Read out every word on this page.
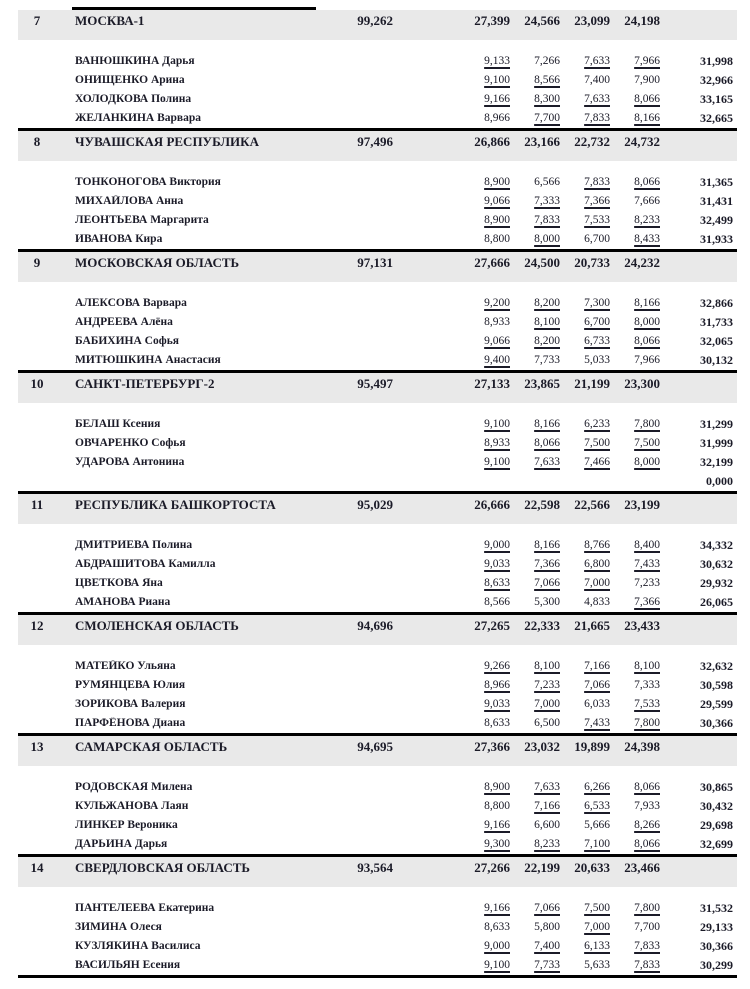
7	МОСКВА-1	99,262	27,399	24,566	23,099	24,198
ВАНЮШКИНА Дарья	9,133	7,266	7,633	7,966	31,998
ОНИЩЕНКО Арина	9,100	8,566	7,400	7,900	32,966
ХОЛОДКОВА Полина	9,166	8,300	7,633	8,066	33,165
ЖЕЛАНКИНА Варвара	8,966	7,700	7,833	8,166	32,665
8	ЧУВАШСКАЯ РЕСПУБЛИКА	97,496	26,866	23,166	22,732	24,732
ТОНКОНОГОВА Виктория	8,900	6,566	7,833	8,066	31,365
МИХАЙЛОВА Анна	9,066	7,333	7,366	7,666	31,431
ЛЕОНТЬЕВА Маргарита	8,900	7,833	7,533	8,233	32,499
ИВАНОВА Кира	8,800	8,000	6,700	8,433	31,933
9	МОСКОВСКАЯ ОБЛАСТЬ	97,131	27,666	24,500	20,733	24,232
АЛЕКСОВА Варвара	9,200	8,200	7,300	8,166	32,866
АНДРЕЕВА Алёна	8,933	8,100	6,700	8,000	31,733
БАБИХИНА Софья	9,066	8,200	6,733	8,066	32,065
МИТЮШКИНА Анастасия	9,400	7,733	5,033	7,966	30,132
10	САНКТ-ПЕТЕРБУРГ-2	95,497	27,133	23,865	21,199	23,300
БЕЛАШ Ксения	9,100	8,166	6,233	7,800	31,299
ОВЧАРЕНКО Софья	8,933	8,066	7,500	7,500	31,999
УДАРОВА Антонина	9,100	7,633	7,466	8,000	32,199
0,000
11	РЕСПУБЛИКА БАШКОРТОСТА	95,029	26,666	22,598	22,566	23,199
ДМИТРИЕВА Полина	9,000	8,166	8,766	8,400	34,332
АБДРАШИТОВА Камилла	9,033	7,366	6,800	7,433	30,632
ЦВЕТКОВА Яна	8,633	7,066	7,000	7,233	29,932
АМАНОВА Риана	8,566	5,300	4,833	7,366	26,065
12	СМОЛЕНСКАЯ ОБЛАСТЬ	94,696	27,265	22,333	21,665	23,433
МАТЕЙКО Ульяна	9,266	8,100	7,166	8,100	32,632
РУМЯНЦЕВА Юлия	8,966	7,233	7,066	7,333	30,598
ЗОРИКОВА Валерия	9,033	7,000	6,033	7,533	29,599
ПАРФЁНОВА Диана	8,633	6,500	7,433	7,800	30,366
13	САМАРСКАЯ ОБЛАСТЬ	94,695	27,366	23,032	19,899	24,398
РОДОВСКАЯ Милена	8,900	7,633	6,266	8,066	30,865
КУЛЬЖАНОВА Лаян	8,800	7,166	6,533	7,933	30,432
ЛИНКЕР Вероника	9,166	6,600	5,666	8,266	29,698
ДАРЬИНА Дарья	9,300	8,233	7,100	8,066	32,699
14	СВЕРДЛОВСКАЯ ОБЛАСТЬ	93,564	27,266	22,199	20,633	23,466
ПАНТЕЛЕЕВА Екатерина	9,166	7,066	7,500	7,800	31,532
ЗИМИНА Олеся	8,633	5,800	7,000	7,700	29,133
КУЗЛЯКИНА Василиса	9,000	7,400	6,133	7,833	30,366
ВАСИЛЬЯН Есения	9,100	7,733	5,633	7,833	30,299
